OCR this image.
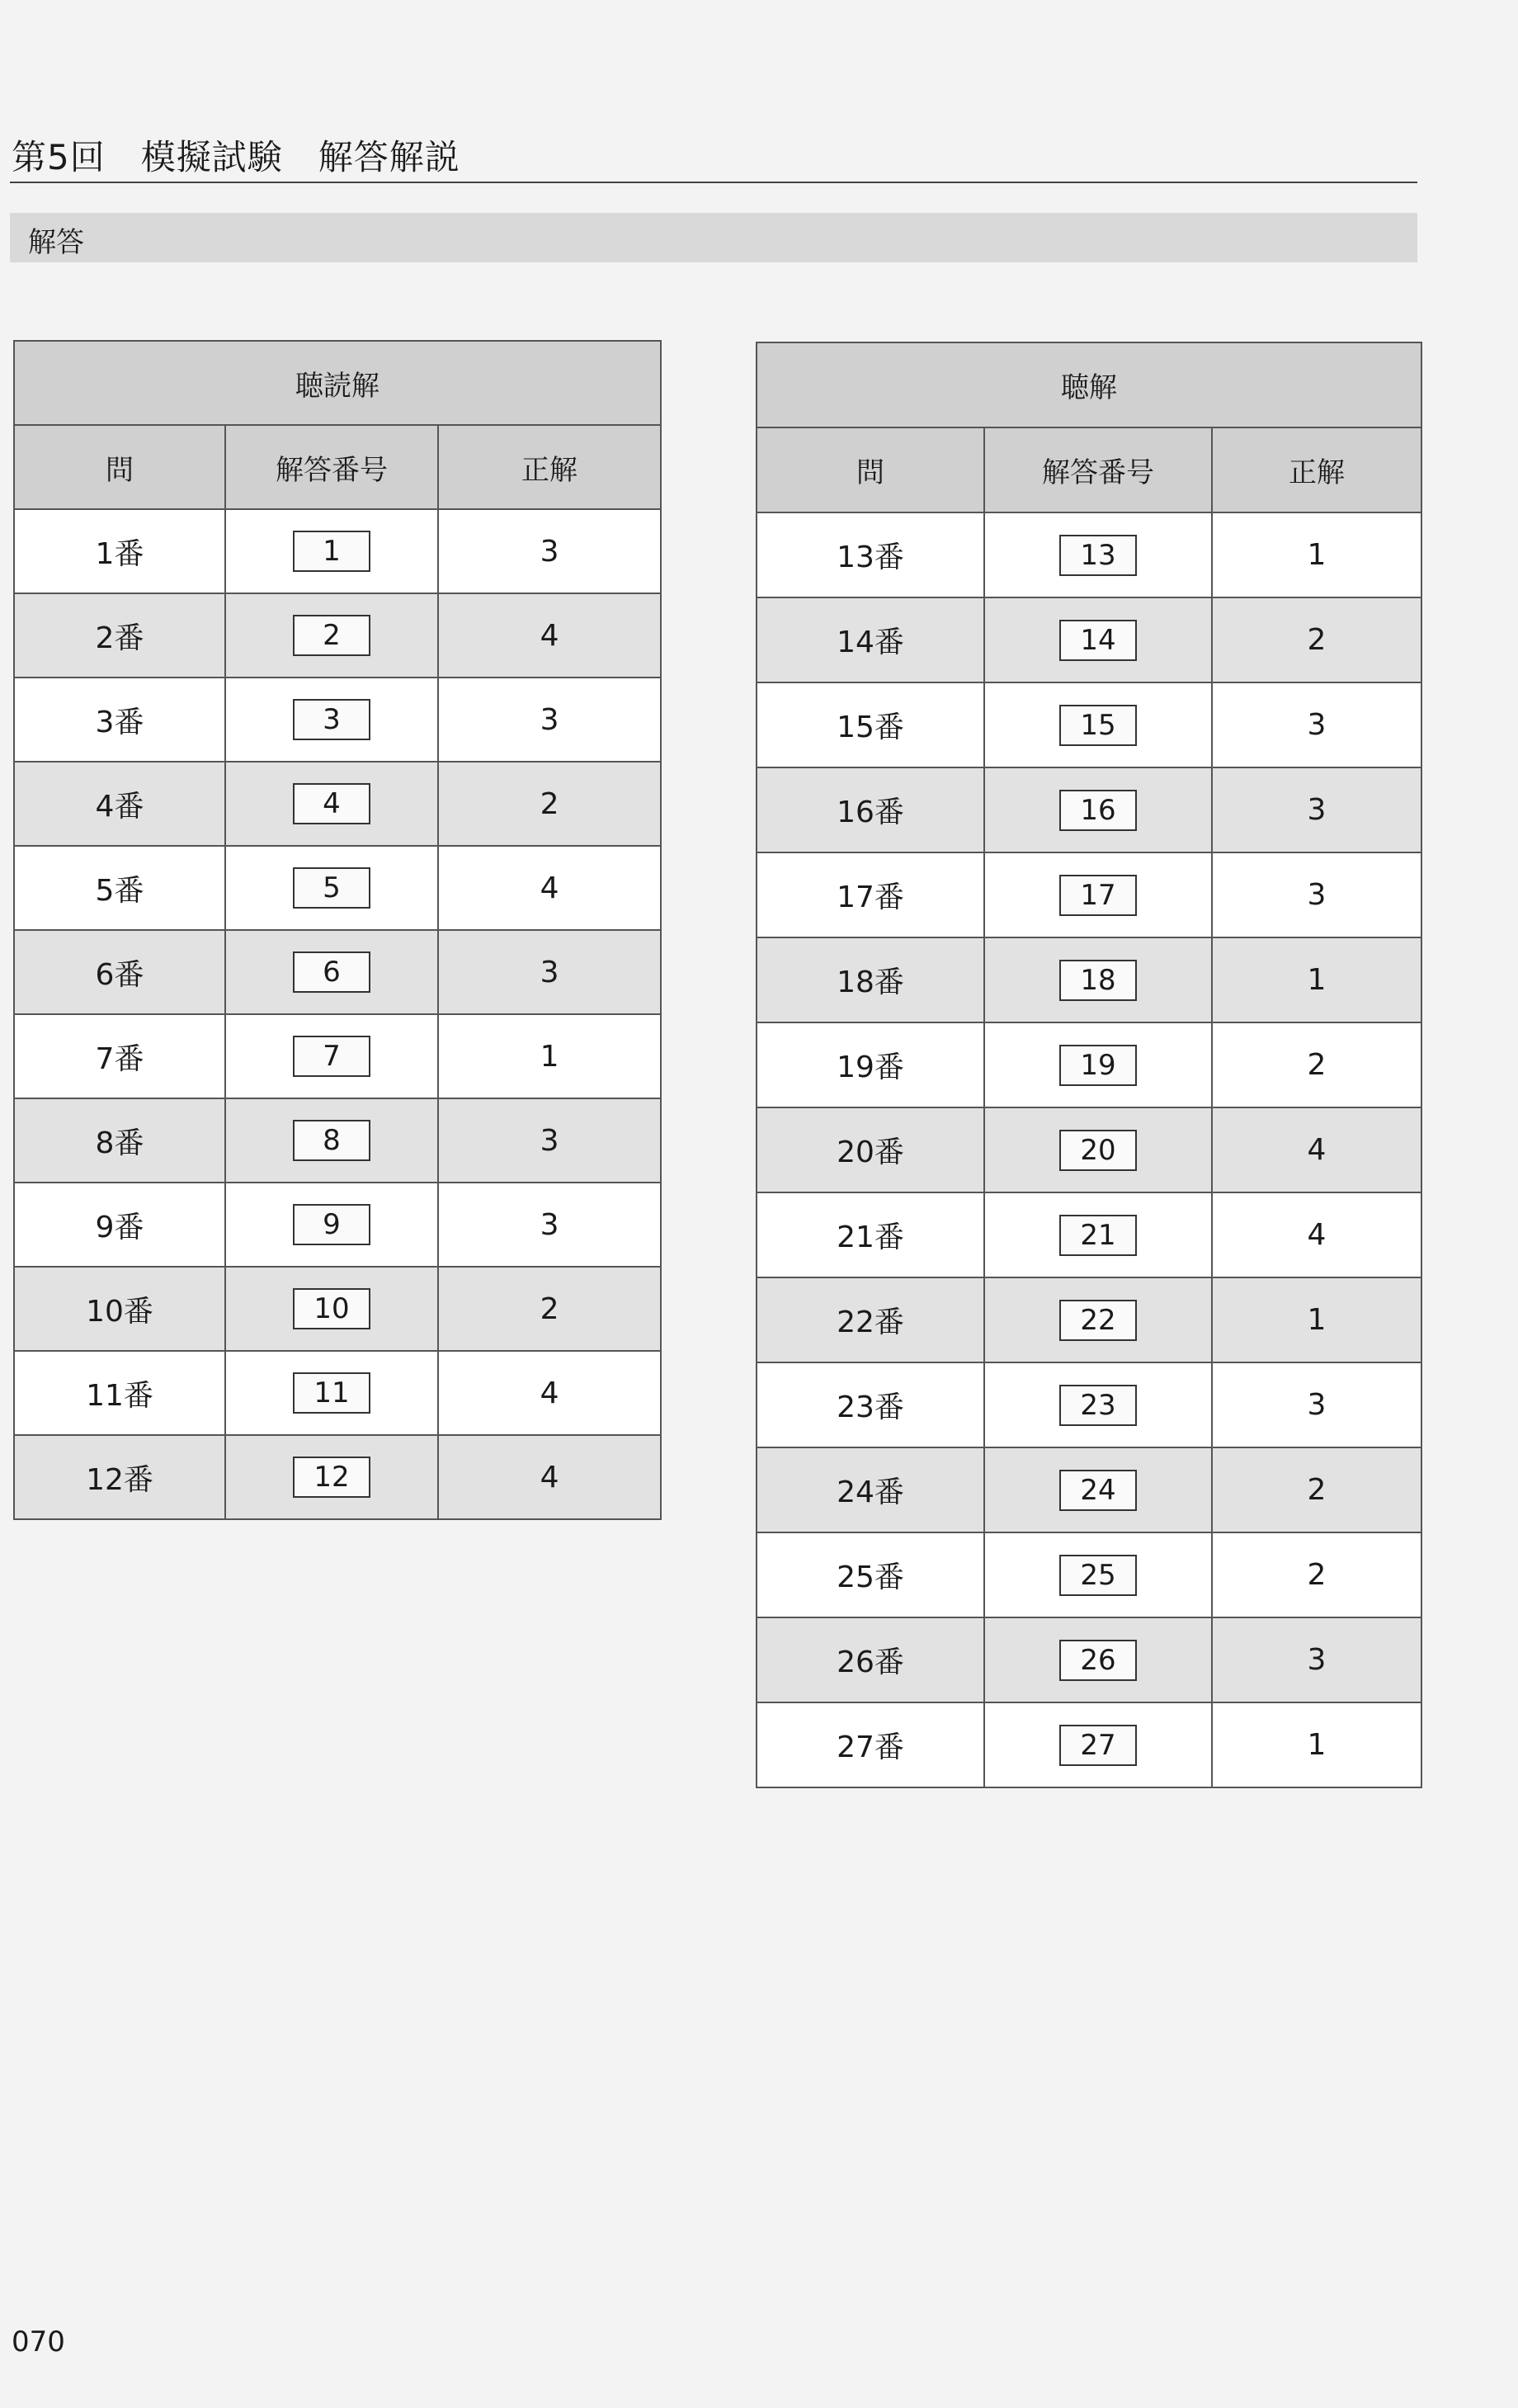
第5回　模擬試験　解答解説
解答
聴読解		
問	解答番号	正解
1番	1	3
2番	2	4
3番	3	3
4番	4	2
5番	5	4
6番	6	3
7番	7	1
8番	8	3
9番	9	3
10番	10	2
11番	11	4
12番	12	4
聴解		
問	解答番号	正解
13番	13	1
14番	14	2
15番	15	3
16番	16	3
17番	17	3
18番	18	1
19番	19	2
20番	20	4
21番	21	4
22番	22	1
23番	23	3
24番	24	2
25番	25	2
26番	26	3
27番	27	1
070
